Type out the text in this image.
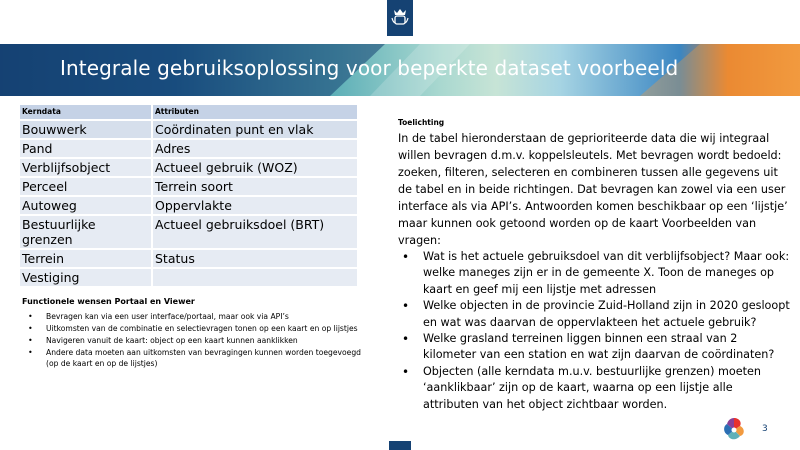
Integrale gebruiksoplossing voor beperkte dataset voorbeeld
Kerndata	Attributen
Bouwwerk	Coördinaten punt en vlak
Pand	Adres
Verblijfsobject	Actueel gebruik (WOZ)
Perceel	Terrein soort
Autoweg	Oppervlakte
Bestuurlijke grenzen	Actueel gebruiksdoel (BRT)
Terrein	Status
Vestiging	
Functionele wensen Portaal en Viewer
• Bevragen kan via een user interface/portaal, maar ook via API’s
• Uitkomsten van de combinatie en selectievragen tonen op een kaart en op lijstjes
• Navigeren vanuit de kaart: object op een kaart kunnen aanklikken
• Andere data moeten aan uitkomsten van bevragingen kunnen worden toegevoegd (op de kaart en op de lijstjes)
Toelichting
In de tabel hieronderstaan de geprioriteerde data die wij integraal willen bevragen d.m.v. koppelsleutels. Met bevragen wordt bedoeld: zoeken, filteren, selecteren en combineren tussen alle gegevens uit de tabel en in beide richtingen. Dat bevragen kan zowel via een user interface als via API’s. Antwoorden komen beschikbaar op een ‘lijstje’ maar kunnen ook getoond worden op de kaart Voorbeelden van vragen:
• Wat is het actuele gebruiksdoel van dit verblijfsobject? Maar ook: welke maneges zijn er in de gemeente X. Toon de maneges op kaart en geef mij een lijstje met adressen
• Welke objecten in de provincie Zuid-Holland zijn in 2020 gesloopt en wat was daarvan de oppervlakteen het actuele gebruik?
• Welke grasland terreinen liggen binnen een straal van 2 kilometer van een station en wat zijn daarvan de coördinaten?
• Objecten (alle kerndata m.u.v. bestuurlijke grenzen) moeten ‘aanklikbaar’ zijn op de kaart, waarna op een lijstje alle attributen van het object zichtbaar worden.
3
